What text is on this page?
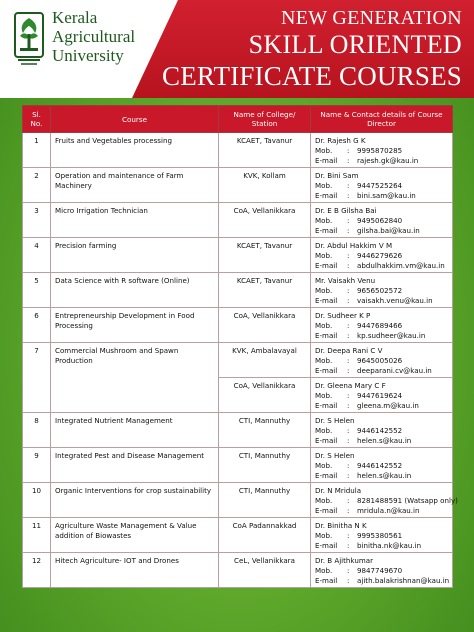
Kerala
Agricultural
University
NEW GENERATION
SKILL ORIENTED
CERTIFICATE COURSES
Sl. No.	Course	Name of College/ Station	Name & Contact details of Course Director
1	Fruits and Vegetables processing	KCAET, Tavanur	Dr. Rajesh G K
Mob. : 9995870285
E-mail : rajesh.gk@kau.in

2	Operation and maintenance of Farm Machinery	KVK, Kollam	Dr. Bini Sam
Mob. : 9447525264
E-mail : bini.sam@kau.in

3	Micro Irrigation Technician	CoA, Vellanikkara	Dr. E B Gilsha Bai
Mob. : 9495062840
E-mail : gilsha.bai@kau.in

4	Precision farming	KCAET, Tavanur	Dr. Abdul Hakkim V M
Mob. : 9446279626
E-mail : abdulhakkim.vm@kau.in

5	Data Science with R software (Online)	KCAET, Tavanur	Mr. Vaisakh Venu
Mob. : 9656502572
E-mail : vaisakh.venu@kau.in

6	Entrepreneurship Development in Food Processing	CoA, Vellanikkara	Dr. Sudheer K P
Mob. : 9447689466
E-mail : kp.sudheer@kau.in

7	Commercial Mushroom and Spawn Production	KVK, Ambalavayal	Dr. Deepa Rani C V
Mob. : 9645005026
E-mail : deeparani.cv@kau.in

		CoA, Vellanikkara	Dr. Gleena Mary C F
Mob. : 9447619624
E-mail : gleena.m@kau.in

8	Integrated Nutrient Management	CTI, Mannuthy	Dr. S Helen
Mob. : 9446142552
E-mail : helen.s@kau.in

9	Integrated Pest and Disease Management	CTI, Mannuthy	Dr. S Helen
Mob. : 9446142552
E-mail : helen.s@kau.in

10	Organic Interventions for crop sustainability	CTI, Mannuthy	Dr. N Mridula
Mob. : 8281488591 (Watsapp only)
E-mail : mridula.n@kau.in

11	Agriculture Waste Management & Value addition of Biowastes	CoA Padannakkad	Dr. Binitha N K
Mob. : 9995380561
E-mail : binitha.nk@kau.in

12	Hitech Agriculture- IOT and Drones	CeL, Vellanikkara	Dr. B Ajithkumar
Mob. : 9847749670
E-mail : ajith.balakrishnan@kau.in
